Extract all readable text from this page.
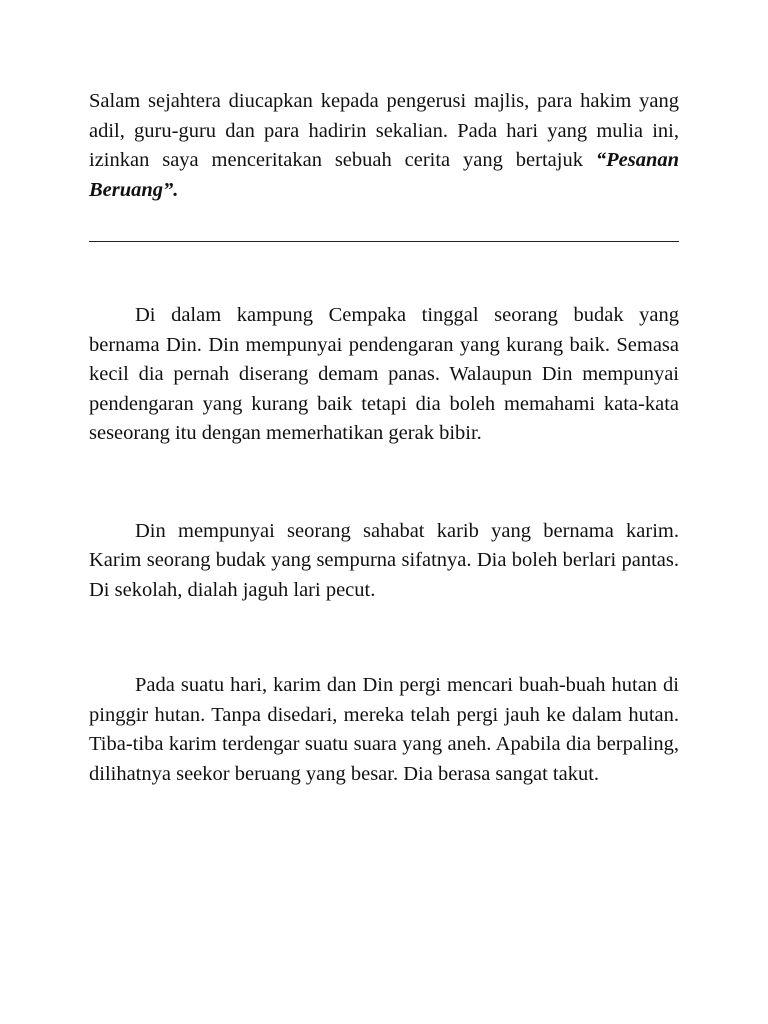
Salam sejahtera diucapkan kepada pengerusi majlis, para hakim yang adil, guru-guru dan para hadirin sekalian. Pada hari yang mulia ini, izinkan saya menceritakan sebuah cerita yang bertajuk “Pesanan Beruang”.

Di dalam kampung Cempaka tinggal seorang budak yang bernama Din. Din mempunyai pendengaran yang kurang baik. Semasa kecil dia pernah diserang demam panas. Walaupun Din mempunyai pendengaran yang kurang baik tetapi dia boleh memahami kata-kata seseorang itu dengan memerhatikan gerak bibir.

Din mempunyai seorang sahabat karib yang bernama karim. Karim seorang budak yang sempurna sifatnya. Dia boleh berlari pantas. Di sekolah, dialah jaguh lari pecut.

Pada suatu hari, karim dan Din pergi mencari buah-buah hutan di pinggir hutan. Tanpa disedari, mereka telah pergi jauh ke dalam hutan. Tiba-tiba karim terdengar suatu suara yang aneh. Apabila dia berpaling, dilihatnya seekor beruang yang besar. Dia berasa sangat takut.
